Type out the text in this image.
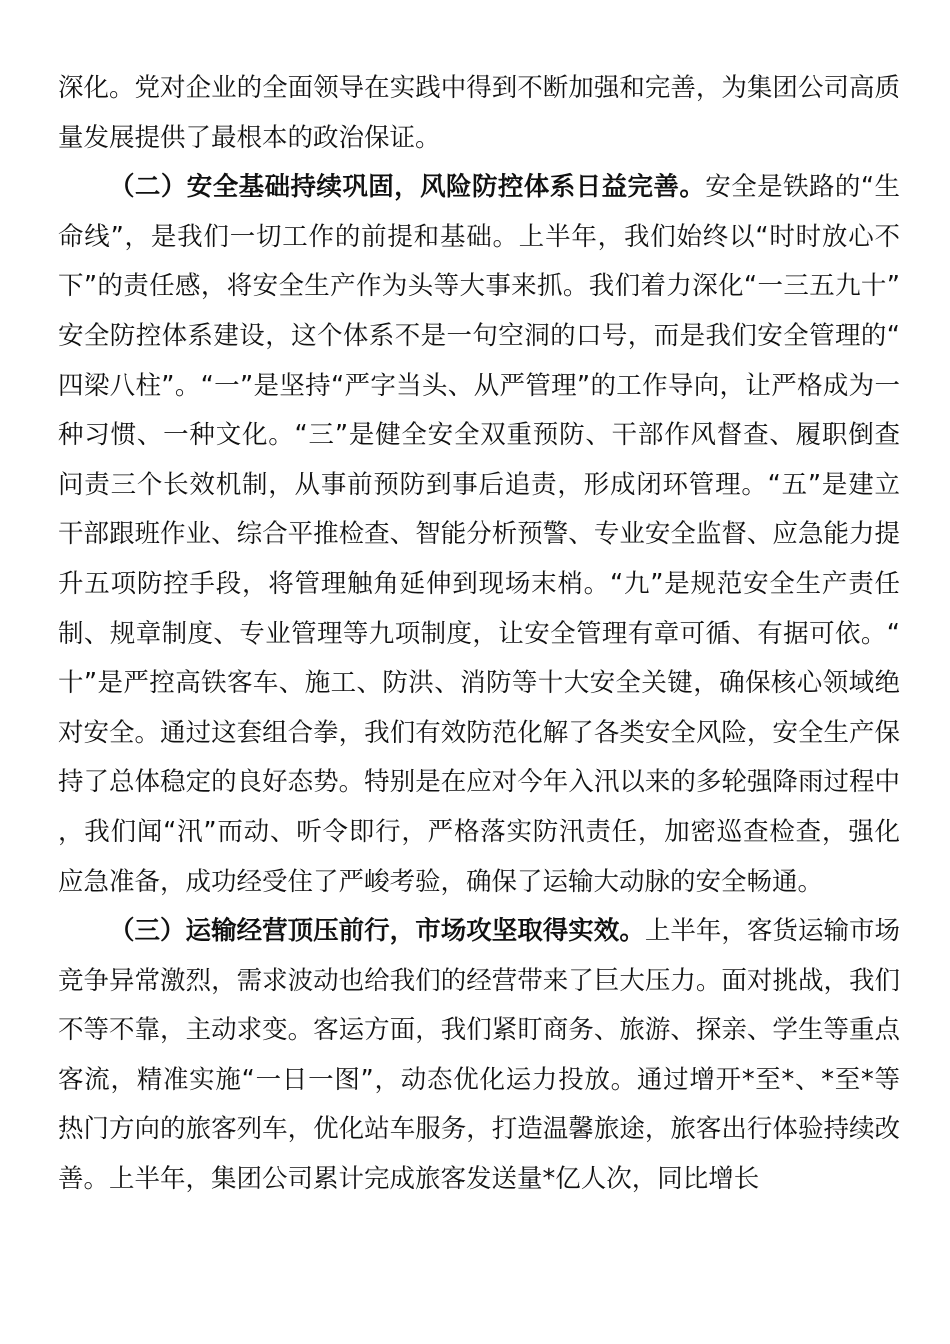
深化。党对企业的全面领导在实践中得到不断加强和完善，为集团公司高质量发展提供了最根本的政治保证。

（二）安全基础持续巩固，风险防控体系日益完善。安全是铁路的“生命线”，是我们一切工作的前提和基础。上半年，我们始终以“时时放心不下”的责任感，将安全生产作为头等大事来抓。我们着力深化“一三五九十”安全防控体系建设，这个体系不是一句空洞的口号，而是我们安全管理的“四梁八柱”。“一”是坚持“严字当头、从严管理”的工作导向，让严格成为一种习惯、一种文化。“三”是健全安全双重预防、干部作风督查、履职倒查问责三个长效机制，从事前预防到事后追责，形成闭环管理。“五”是建立干部跟班作业、综合平推检查、智能分析预警、专业安全监督、应急能力提升五项防控手段，将管理触角延伸到现场末梢。“九”是规范安全生产责任制、规章制度、专业管理等九项制度，让安全管理有章可循、有据可依。“十”是严控高铁客车、施工、防洪、消防等十大安全关键，确保核心领域绝对安全。通过这套组合拳，我们有效防范化解了各类安全风险，安全生产保持了总体稳定的良好态势。特别是在应对今年入汛以来的多轮强降雨过程中，我们闻“汛”而动、听令即行，严格落实防汛责任，加密巡查检查，强化应急准备，成功经受住了严峻考验，确保了运输大动脉的安全畅通。

（三）运输经营顶压前行，市场攻坚取得实效。上半年，客货运输市场竞争异常激烈，需求波动也给我们的经营带来了巨大压力。面对挑战，我们不等不靠，主动求变。客运方面，我们紧盯商务、旅游、探亲、学生等重点客流，精准实施“一日一图”，动态优化运力投放。通过增开*至*、*至*等热门方向的旅客列车，优化站车服务，打造温馨旅途，旅客出行体验持续改善。上半年，集团公司累计完成旅客发送量*亿人次，同比增长
